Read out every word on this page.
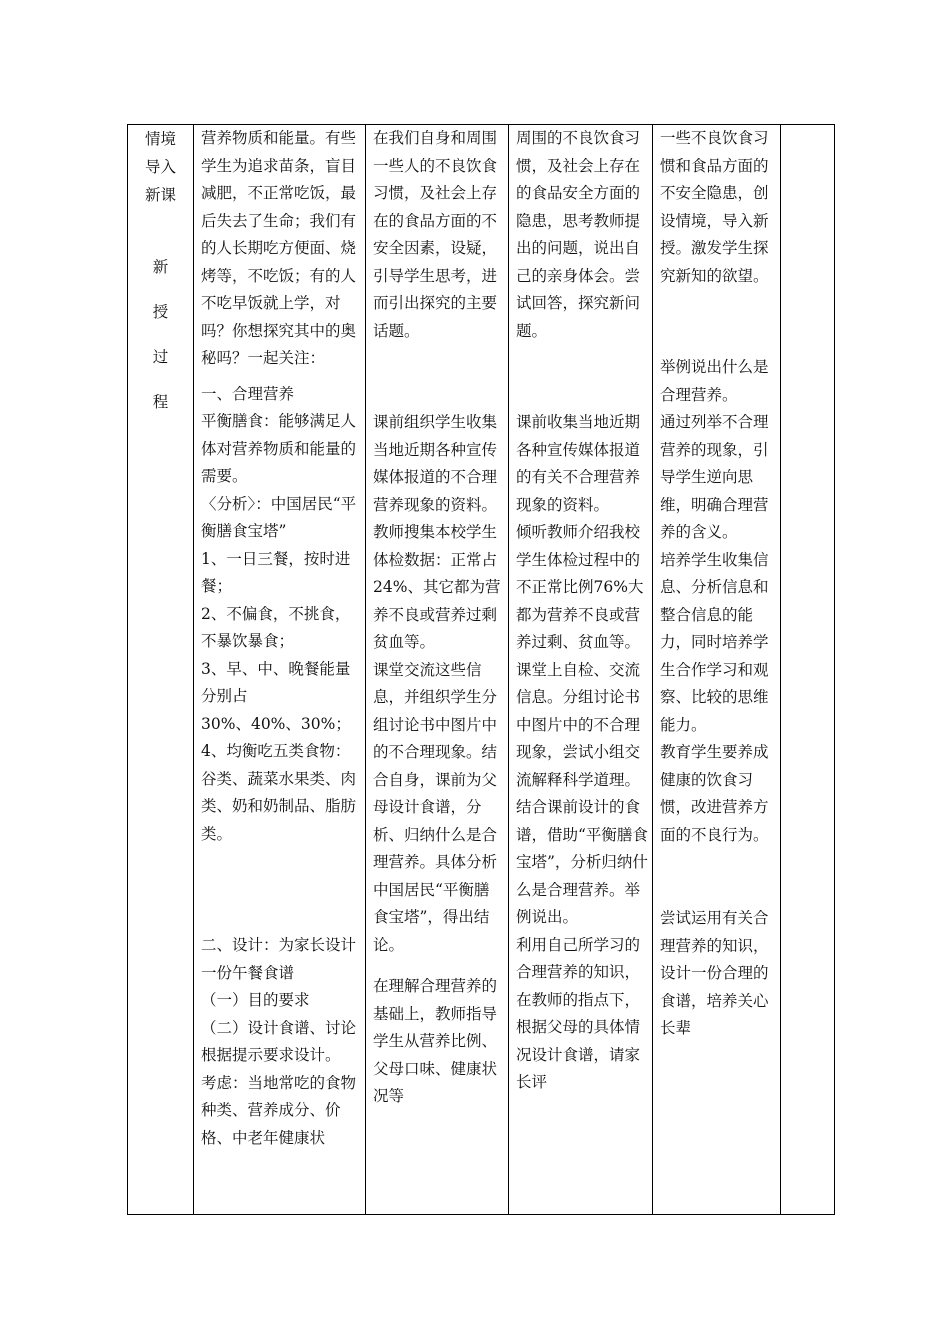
情境
导入
新课
新
授
过
程

营养物质和能量。有些学生为追求苗条，盲目减肥，不正常吃饭，最后失去了生命；我们有的人长期吃方便面、烧烤等，不吃饭；有的人不吃早饭就上学，对吗？你想探究其中的奥秘吗？一起关注：
一、合理营养
平衡膳食：能够满足人体对营养物质和能量的需要。
〈分析〉：中国居民“平衡膳食宝塔”
1、一日三餐，按时进餐；
2、不偏食，不挑食，不暴饮暴食；
3、早、中、晚餐能量分别占
30%、40%、30%；
4、均衡吃五类食物：谷类、蔬菜水果类、肉类、奶和奶制品、脂肪类。
二、设计：为家长设计一份午餐食谱
（一）目的要求
（二）设计食谱、讨论
根据提示要求设计。
考虑：当地常吃的食物种类、营养成分、价格、中老年健康状

在我们自身和周围一些人的不良饮食习惯，及社会上存在的食品方面的不安全因素，设疑，引导学生思考，进而引出探究的主要话题。
课前组织学生收集当地近期各种宣传媒体报道的不合理营养现象的资料。
教师搜集本校学生体检数据：正常占24%、其它都为营养不良或营养过剩贫血等。
课堂交流这些信息，并组织学生分组讨论书中图片中的不合理现象。结合自身，课前为父母设计食谱，分析、归纳什么是合理营养。具体分析中国居民“平衡膳食宝塔”，得出结论。
在理解合理营养的基础上，教师指导学生从营养比例、父母口味、健康状况等

周围的不良饮食习惯，及社会上存在的食品安全方面的隐患，思考教师提出的问题，说出自己的亲身体会。尝试回答，探究新问题。
课前收集当地近期各种宣传媒体报道的有关不合理营养现象的资料。
倾听教师介绍我校学生体检过程中的不正常比例76%大都为营养不良或营养过剩、贫血等。课堂上自检、交流信息。分组讨论书中图片中的不合理现象，尝试小组交流解释科学道理。结合课前设计的食谱，借助“平衡膳食宝塔”，分析归纳什么是合理营养。举例说出。
利用自己所学习的合理营养的知识，在教师的指点下，根据父母的具体情况设计食谱，请家长评

一些不良饮食习惯和食品方面的不安全隐患，创设情境，导入新授。激发学生探究新知的欲望。
举例说出什么是合理营养。
通过列举不合理
营养的现象，引导学生逆向思维，明确合理营养的含义。
培养学生收集信息、分析信息和整合信息的能力，同时培养学生合作学习和观察、比较的思维能力。
教育学生要养成健康的饮食习惯，改进营养方面的不良行为。
尝试运用有关合理营养的知识，设计一份合理的食谱，培养关心长辈
